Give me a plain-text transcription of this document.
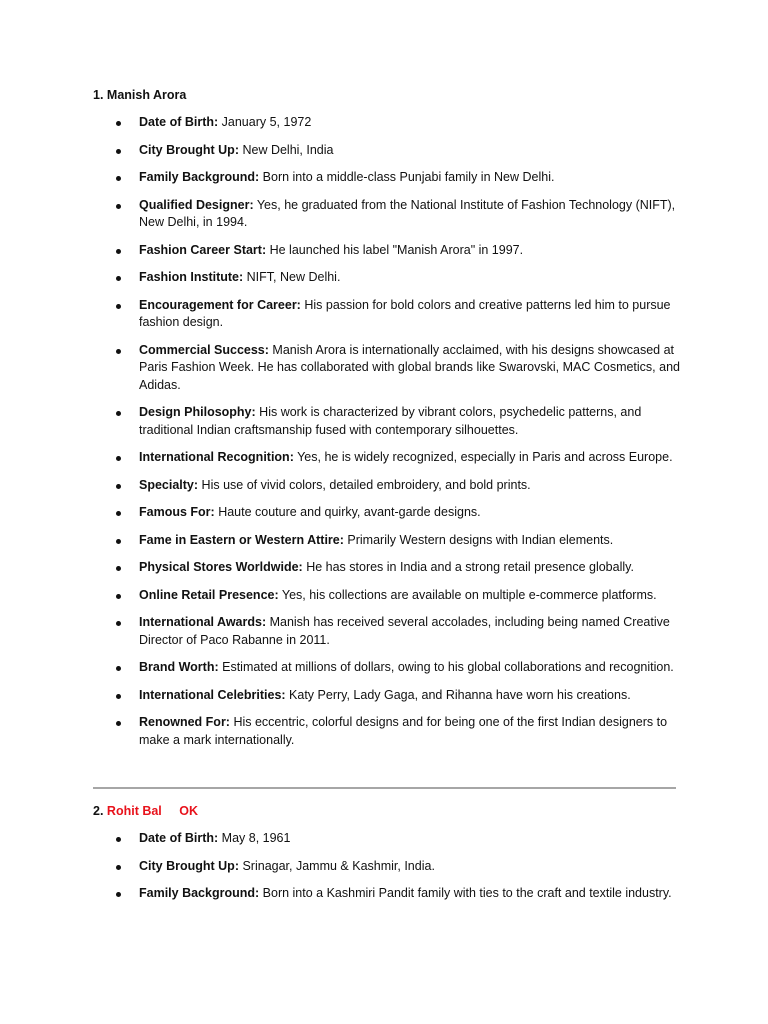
1. Manish Arora
Date of Birth: January 5, 1972
City Brought Up: New Delhi, India
Family Background: Born into a middle-class Punjabi family in New Delhi.
Qualified Designer: Yes, he graduated from the National Institute of Fashion Technology (NIFT), New Delhi, in 1994.
Fashion Career Start: He launched his label "Manish Arora" in 1997.
Fashion Institute: NIFT, New Delhi.
Encouragement for Career: His passion for bold colors and creative patterns led him to pursue fashion design.
Commercial Success: Manish Arora is internationally acclaimed, with his designs showcased at Paris Fashion Week. He has collaborated with global brands like Swarovski, MAC Cosmetics, and Adidas.
Design Philosophy: His work is characterized by vibrant colors, psychedelic patterns, and traditional Indian craftsmanship fused with contemporary silhouettes.
International Recognition: Yes, he is widely recognized, especially in Paris and across Europe.
Specialty: His use of vivid colors, detailed embroidery, and bold prints.
Famous For: Haute couture and quirky, avant-garde designs.
Fame in Eastern or Western Attire: Primarily Western designs with Indian elements.
Physical Stores Worldwide: He has stores in India and a strong retail presence globally.
Online Retail Presence: Yes, his collections are available on multiple e-commerce platforms.
International Awards: Manish has received several accolades, including being named Creative Director of Paco Rabanne in 2011.
Brand Worth: Estimated at millions of dollars, owing to his global collaborations and recognition.
International Celebrities: Katy Perry, Lady Gaga, and Rihanna have worn his creations.
Renowned For: His eccentric, colorful designs and for being one of the first Indian designers to make a mark internationally.
2. Rohit Bal OK
Date of Birth: May 8, 1961
City Brought Up: Srinagar, Jammu & Kashmir, India.
Family Background: Born into a Kashmiri Pandit family with ties to the craft and textile industry.
